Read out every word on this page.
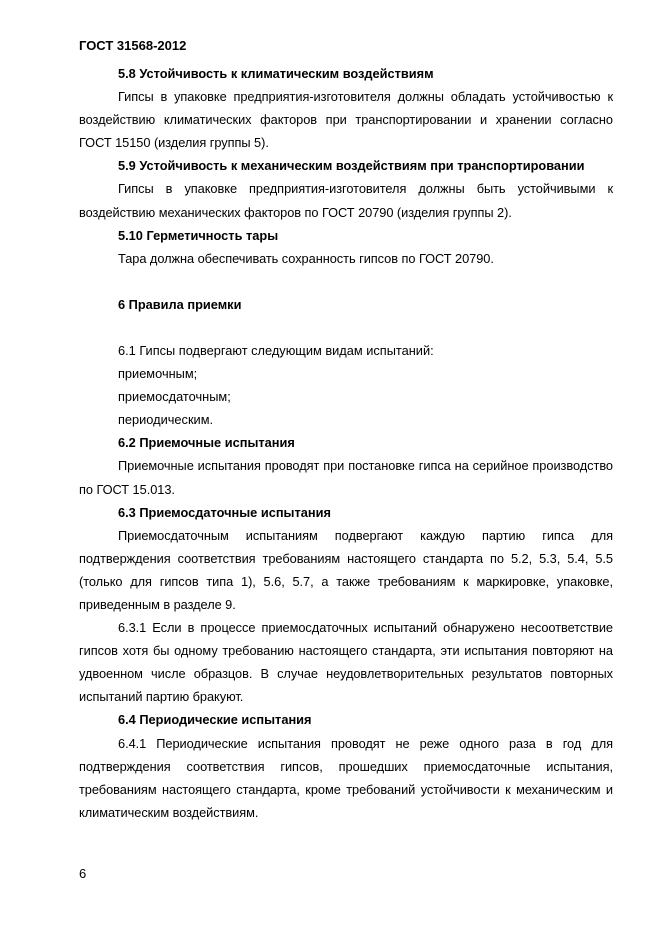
ГОСТ 31568-2012

5.8 Устойчивость к климатическим воздействиям

Гипсы в упаковке предприятия-изготовителя должны обладать устойчивостью к воздействию климатических факторов при транспортировании и хранении согласно ГОСТ 15150 (изделия группы 5).

5.9 Устойчивость к механическим воздействиям при транспортировании

Гипсы в упаковке предприятия-изготовителя должны быть устойчивыми к воздействию механических факторов по ГОСТ 20790 (изделия группы 2).

5.10 Герметичность тары

Тара должна обеспечивать сохранность гипсов по ГОСТ 20790.

6 Правила приемки

6.1 Гипсы подвергают следующим видам испытаний:

приемочным;

приемосдаточным;

периодическим.

6.2 Приемочные испытания

Приемочные испытания проводят при постановке гипса на серийное производство по ГОСТ 15.013.

6.3 Приемосдаточные испытания

Приемосдаточным испытаниям подвергают каждую партию гипса для подтверждения соответствия требованиям настоящего стандарта по 5.2, 5.3, 5.4, 5.5 (только для гипсов типа 1), 5.6, 5.7, а также требованиям к маркировке, упаковке, приведенным в разделе 9.

6.3.1 Если в процессе приемосдаточных испытаний обнаружено несоответствие гипсов хотя бы одному требованию настоящего стандарта, эти испытания повторяют на удвоенном числе образцов. В случае неудовлетворительных результатов повторных испытаний партию бракуют.

6.4 Периодические испытания

6.4.1 Периодические испытания проводят не реже одного раза в год для подтверждения соответствия гипсов, прошедших приемосдаточные испытания, требованиям настоящего стандарта, кроме требований устойчивости к механическим и климатическим воздействиям.

6
